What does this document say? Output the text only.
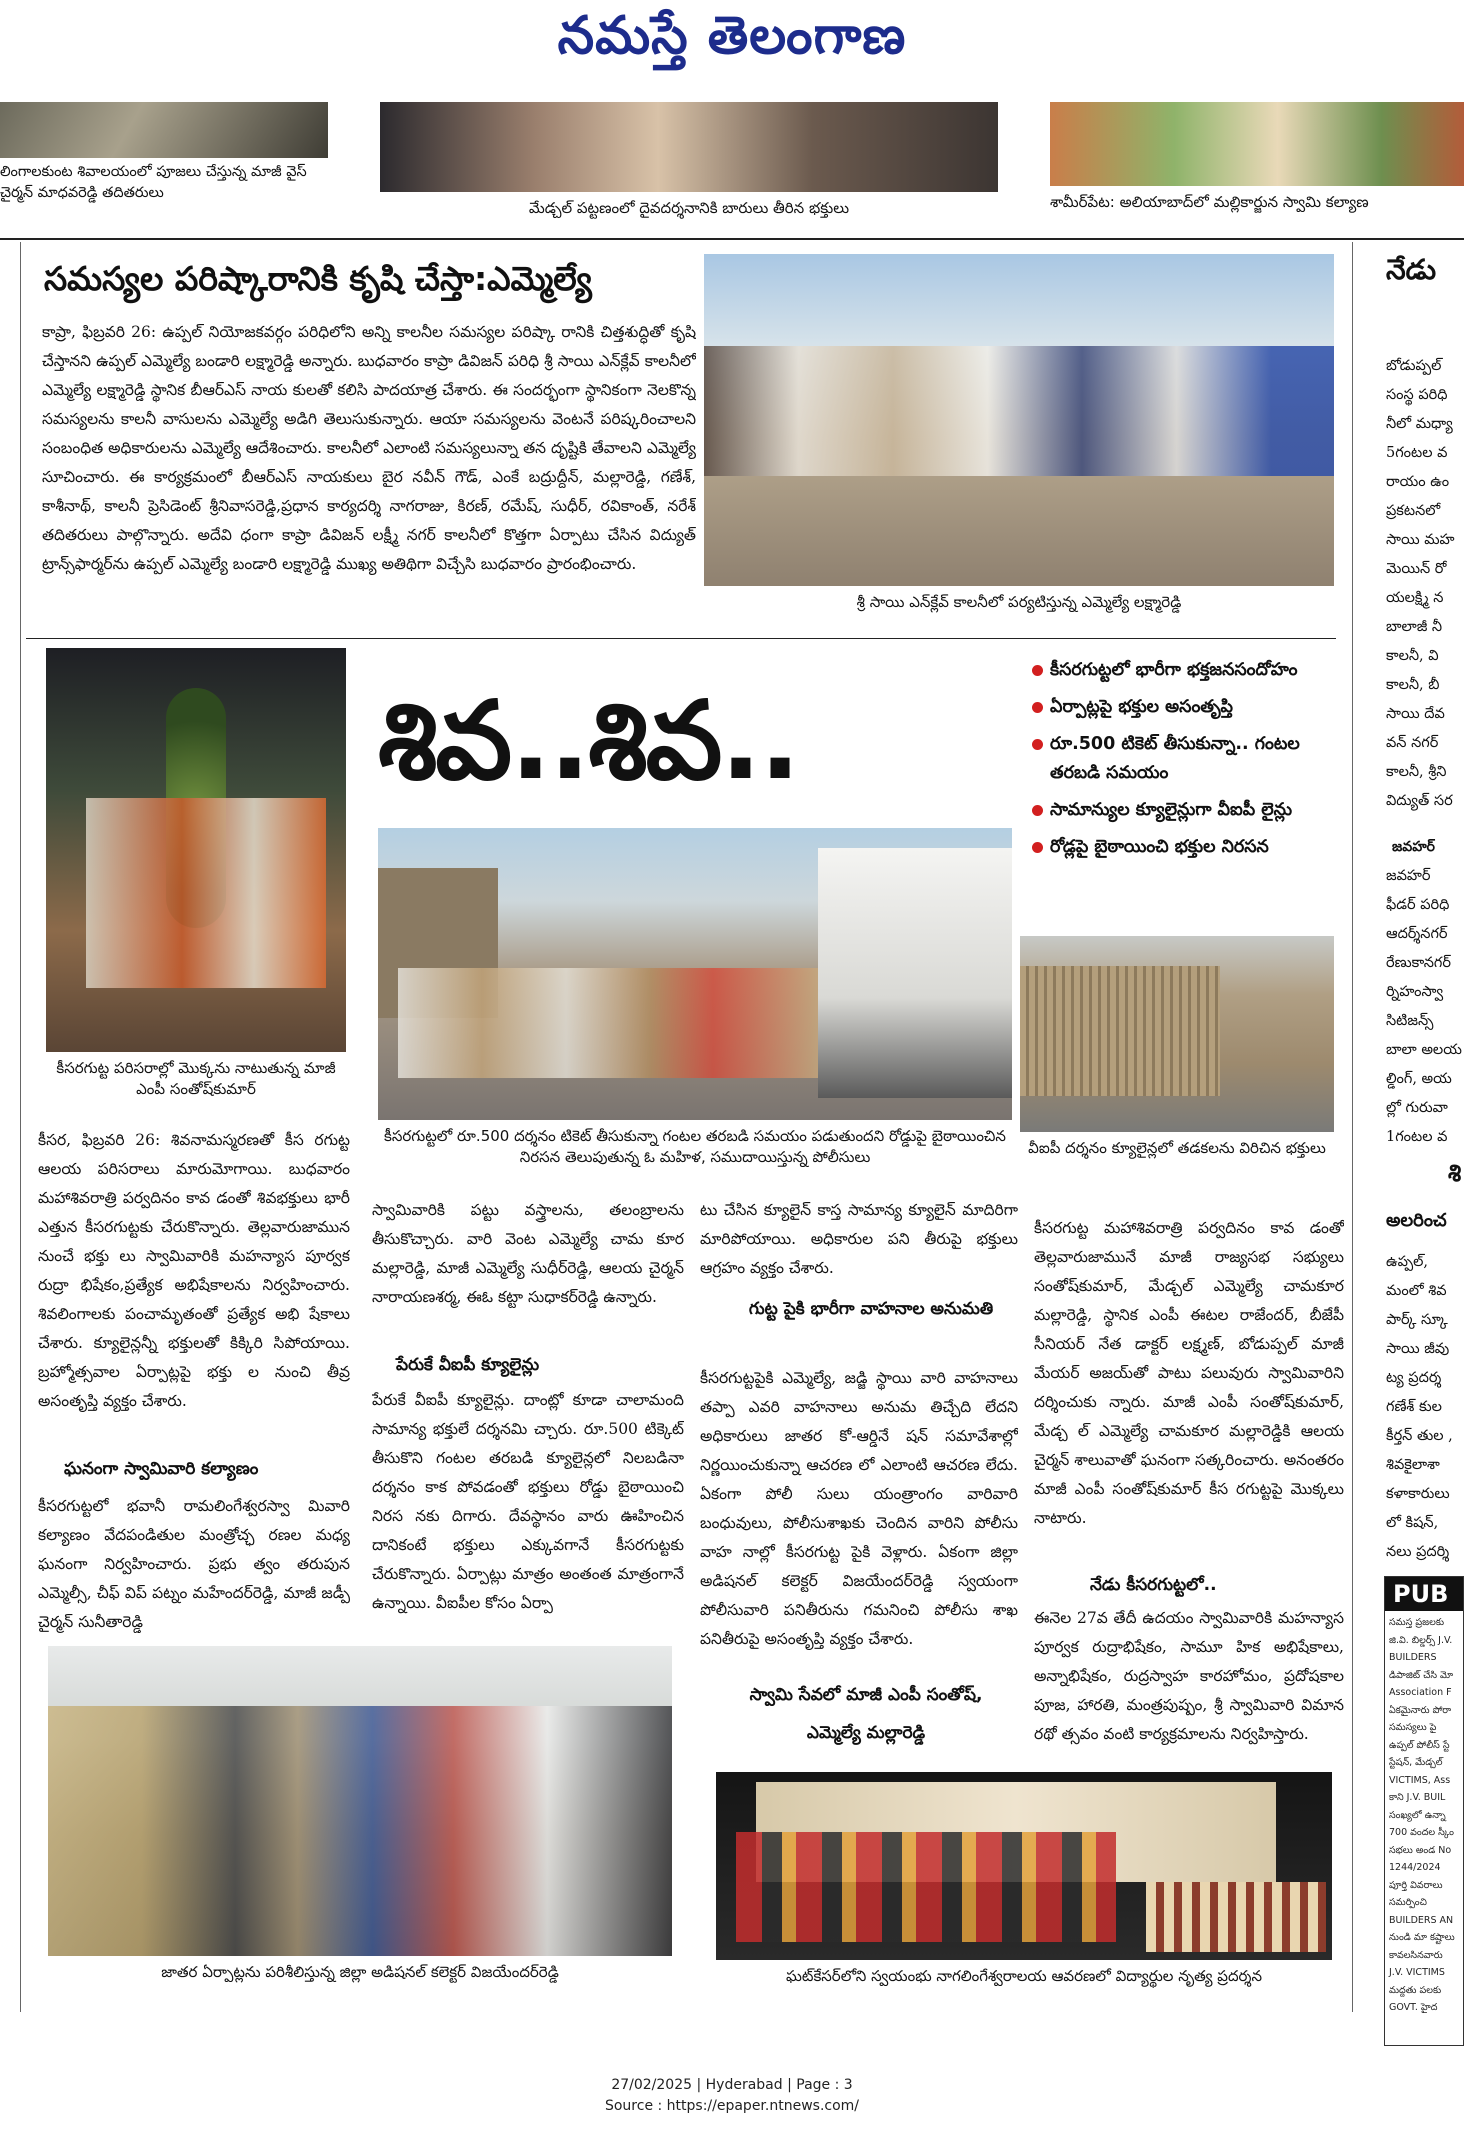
నమస్తే తెలంగాణ
లింగాలకుంట శివాలయంలో పూజలు చేస్తున్న మాజీ వైస్ చైర్మన్ మాధవరెడ్డి తదితరులు
మేడ్చల్ పట్టణంలో దైవదర్శనానికి బారులు తీరిన భక్తులు	శామీర్‌పేట: అలియాబాద్‌లో మల్లికార్జున స్వామి కల్యాణ
సమస్యల పరిష్కారానికి కృషి చేస్తా:ఎమ్మెల్యే
కాప్రా, ఫిబ్రవరి 26: ఉప్పల్ నియోజకవర్గం పరిధిలోని అన్ని కాలనీల సమస్యల పరిష్కా రానికి చిత్తశుద్ధితో కృషి చేస్తానని ఉప్పల్ ఎమ్మెల్యే బండారి లక్ష్మారెడ్డి అన్నారు. బుధవారం కాప్రా డివిజన్ పరిధి శ్రీ సాయి ఎన్‌క్లేవ్ కాలనీలో ఎమ్మెల్యే లక్ష్మారెడ్డి స్థానిక బీఆర్‌ఎస్ నాయ కులతో కలిసి పాదయాత్ర చేశారు. ఈ సందర్భంగా స్థానికంగా నెలకొన్న సమస్యలను కాలనీ వాసులను ఎమ్మెల్యే అడిగి తెలుసుకున్నారు. ఆయా సమస్యలను వెంటనే పరిష్కరించాలని సంబంధిత అధికారులను ఎమ్మెల్యే ఆదేశించారు. కాలనీలో ఎలాంటి సమస్యలున్నా తన దృష్టికి తేవాలని ఎమ్మెల్యే సూచించారు. ఈ కార్యక్రమంలో బీఆర్‌ఎస్ నాయకులు బైర నవీన్ గౌడ్, ఎంకే బద్రుద్దీన్, మల్లారెడ్డి, గణేశ్, కాశీనాథ్, కాలనీ ప్రెసిడెంట్ శ్రీనివాసరెడ్డి,ప్రధాన కార్యదర్శి నాగరాజు, కిరణ్, రమేష్, సుధీర్, రవికాంత్, నరేశ్ తదితరులు పాల్గొన్నారు. అదేవి ధంగా కాప్రా డివిజన్ లక్ష్మీ నగర్ కాలనీలో కొత్తగా ఏర్పాటు చేసిన విద్యుత్ ట్రాన్స్‌ఫార్మర్‌ను ఉప్పల్ ఎమ్మెల్యే బండారి లక్ష్మారెడ్డి ముఖ్య అతిథిగా విచ్చేసి బుధవారం ప్రారంభించారు.
శ్రీ సాయి ఎన్‌క్లేవ్ కాలనీలో పర్యటిస్తున్న ఎమ్మెల్యే లక్ష్మారెడ్డి
కీసరగుట్ట పరిసరాల్లో మొక్కను నాటుతున్న మాజీ ఎంపీ సంతోష్‌కుమార్
శివ..శివ..
కీసరగుట్టలో భారీగా భక్తజనసందోహం
ఏర్పాట్లపై భక్తుల అసంతృప్తి
రూ.500 టికెట్ తీసుకున్నా.. గంటల తరబడి సమయం
సామాన్యుల క్యూలైన్లుగా వీఐపీ లైన్లు
రోడ్లపై బైఠాయించి భక్తుల నిరసన
కీసరగుట్టలో రూ.500 దర్శనం టికెట్ తీసుకున్నా గంటల తరబడి సమయం పడుతుందని రోడ్డుపై బైఠాయించిన నిరసన తెలుపుతున్న ఓ మహిళ, సముదాయిస్తున్న పోలీసులు	వీఐపీ దర్శనం క్యూలైన్లలో తడకలను విరిచిన భక్తులు
కీసర, ఫిబ్రవరి 26: శివనామస్మరణతో కీస రగుట్ట ఆలయ పరిసరాలు మారుమోగాయి. బుధవారం మహాశివరాత్రి పర్వదినం కావ డంతో శివభక్తులు భారీ ఎత్తున కీసరగుట్టకు చేరుకొన్నారు. తెల్లవారుజామున నుంచే భక్తు లు స్వామివారికి మహన్యాస పూర్వక రుద్రా భిషేకం,ప్రత్యేక అభిషేకాలను నిర్వహించారు. శివలింగాలకు పంచామృతంతో ప్రత్యేక అభి షేకాలు చేశారు. క్యూలైన్లన్నీ భక్తులతో కిక్కిరి సిపోయాయి. బ్రహ్మోత్సవాల ఏర్పాట్లపై భక్తు ల నుంచి తీవ్ర అసంతృప్తి వ్యక్తం చేశారు.
ఘనంగా స్వామివారి కల్యాణం
కీసరగుట్టలో భవానీ రామలింగేశ్వరస్వా మివారి కల్యాణం వేదపండితుల మంత్రోచ్ఛ రణల మధ్య ఘనంగా నిర్వహించారు. ప్రభు త్వం తరుపున ఎమ్మెల్సీ, చీఫ్ విప్ పట్నం మహేందర్‌రెడ్డి, మాజీ జడ్పీ చైర్మన్ సునీతారెడ్డి
స్వామివారికి పట్టు వస్త్రాలను, తలంబ్రాలను తీసుకొచ్చారు. వారి వెంట ఎమ్మెల్యే చామ కూర మల్లారెడ్డి, మాజీ ఎమ్మెల్యే సుధీర్‌రెడ్డి, ఆలయ చైర్మన్ నారాయణశర్మ, ఈఓ కట్టా సుధాకర్‌రెడ్డి ఉన్నారు.
పేరుకే వీఐపీ క్యూలైన్లు
పేరుకే వీఐపీ క్యూలైన్లు. దాంట్లో కూడా చాలామంది సామాన్య భక్తులే దర్శనమి చ్చారు. రూ.500 టిక్కెట్ తీసుకొని గంటల తరబడి క్యూలైన్లలో నిలబడినా దర్శనం కాక పోవడంతో భక్తులు రోడ్డు బైఠాయించి నిరస నకు దిగారు. దేవస్థానం వారు ఊహించిన దానికంటే భక్తులు ఎక్కువగానే కీసరగుట్టకు చేరుకొన్నారు. ఏర్పాట్లు మాత్రం అంతంత మాత్రంగానే ఉన్నాయి. వీఐపీల కోసం ఏర్పా
టు చేసిన క్యూలైన్ కాస్త సామాన్య క్యూలైన్ మాదిరిగా మారిపోయాయి. అధికారుల పని తీరుపై భక్తులు ఆగ్రహం వ్యక్తం చేశారు.
గుట్ట పైకి భారీగా వాహనాల అనుమతి
కీసరగుట్టపైకి ఎమ్మెల్యే, జడ్జి స్థాయి వారి వాహనాలు తప్పా ఎవరి వాహనాలు అనుమ తిచ్చేది లేదని అధికారులు జాతర కో-ఆర్డినే షన్ సమావేశాల్లో నిర్ణయించుకున్నా ఆచరణ లో ఎలాంటి ఆచరణ లేదు. ఏకంగా పోలీ సులు యంత్రాంగం వారివారి బంధువులు, పోలీసుశాఖకు చెందిన వారిని పోలీసు వాహ నాల్లో కీసరగుట్ట పైకి వెళ్లారు. ఏకంగా జిల్లా అడిషనల్ కలెక్టర్ విజయేందర్‌రెడ్డి స్వయంగా పోలీసువారి పనితీరును గమనించి పోలీసు శాఖ పనితీరుపై అసంతృప్తి వ్యక్తం చేశారు.
స్వామి సేవలో మాజీ ఎంపీ సంతోష్, ఎమ్మెల్యే మల్లారెడ్డి
కీసరగుట్ట మహాశివరాత్రి పర్వదినం కావ డంతో తెల్లవారుజామునే మాజీ రాజ్యసభ సభ్యులు సంతోష్‌కుమార్, మేడ్చల్ ఎమ్మెల్యే చామకూర మల్లారెడ్డి, స్థానిక ఎంపీ ఈటల రాజేందర్, బీజేపీ సీనియర్ నేత డాక్టర్ లక్ష్మణ్, బోడుప్పల్ మాజీ మేయర్ అజయ్‌తో పాటు పలువురు స్వామివారిని దర్శించుకు న్నారు. మాజీ ఎంపీ సంతోష్‌కుమార్, మేడ్చ ల్ ఎమ్మెల్యే చామకూర మల్లారెడ్డికి ఆలయ చైర్మన్ శాలువాతో ఘనంగా సత్కరించారు. అనంతరం మాజీ ఎంపీ సంతోష్‌కుమార్ కీస రగుట్టపై మొక్కలు నాటారు.
నేడు కీసరగుట్టలో..
ఈనెల 27వ తేదీ ఉదయం స్వామివారికి మహన్యాస పూర్వక రుద్రాభిషేకం, సామూ హిక అభిషేకాలు, అన్నాభిషేకం, రుద్రస్వాహ కారహోమం, ప్రదోషకాల పూజ, హారతి, మంత్రపుష్పం, శ్రీ స్వామివారి విమాన రథో త్సవం వంటి కార్యక్రమాలను నిర్వహిస్తారు.
జాతర ఏర్పాట్లను పరిశీలిస్తున్న జిల్లా అడిషనల్ కలెక్టర్ విజయేందర్‌రెడ్డి	ఘట్‌కేసర్‌లోని స్వయంభు నాగలింగేశ్వరాలయ ఆవరణలో విద్యార్థుల నృత్య ప్రదర్శన
నేడు
బోడుప్పల్ సంస్థ పరిధి నీలో మధ్యా 5గంటల వ రాయం ఉం ప్రకటనలో సాయి మహ మెయిన్ రో యలక్ష్మి న బాలాజీ నీ కాలనీ, వి కాలనీ, బీ సాయి దేవ వన్ నగర్ కాలనీ, శ్రీని విద్యుత్ సర
జవహర్
జవహర్ ఫీడర్ పరిధి ఆదర్శ్‌నగర్ రేణుకానగర్ ర్నిహంస్వా సిటిజన్స్ బాలా అలయ ల్డింగ్, అయ ల్లో గురువా 1గంటల వ
శి
అలరించ
ఉప్పల్, మంలో శివ పార్క్ స్కూ సాయి జీవు ట్య ప్రదర్శ గణేశ్ కుల కీర్తన్ తుల , శివకైలాశా కళాకారులు లో కిషన్, నలు ప్రదర్శి
PUB
సమస్త ప్రజలకు జి.వి. బిల్డర్స్ J.V. BUILDERS డిపాజిట్ చేసి మో Association F ఏకమైనారు పోరా సమస్యలు పై ఉప్పల్ పోలీస్ స్టే స్టేషన్, మేడ్చల్ VICTIMS, Ass కాని J.V. BUIL సంఖ్యలో ఉన్నా 700 వందల స్కీం సభలు అండ No 1244/2024 పూర్తి వివరాలు సమర్పించి BUILDERS AN నుండి మా కష్టాలు కావలసినవారు J.V. VICTIMS మద్దతు పలకు GOVT. హైద
27/02/2025 | Hyderabad | Page : 3
Source : https://epaper.ntnews.com/
